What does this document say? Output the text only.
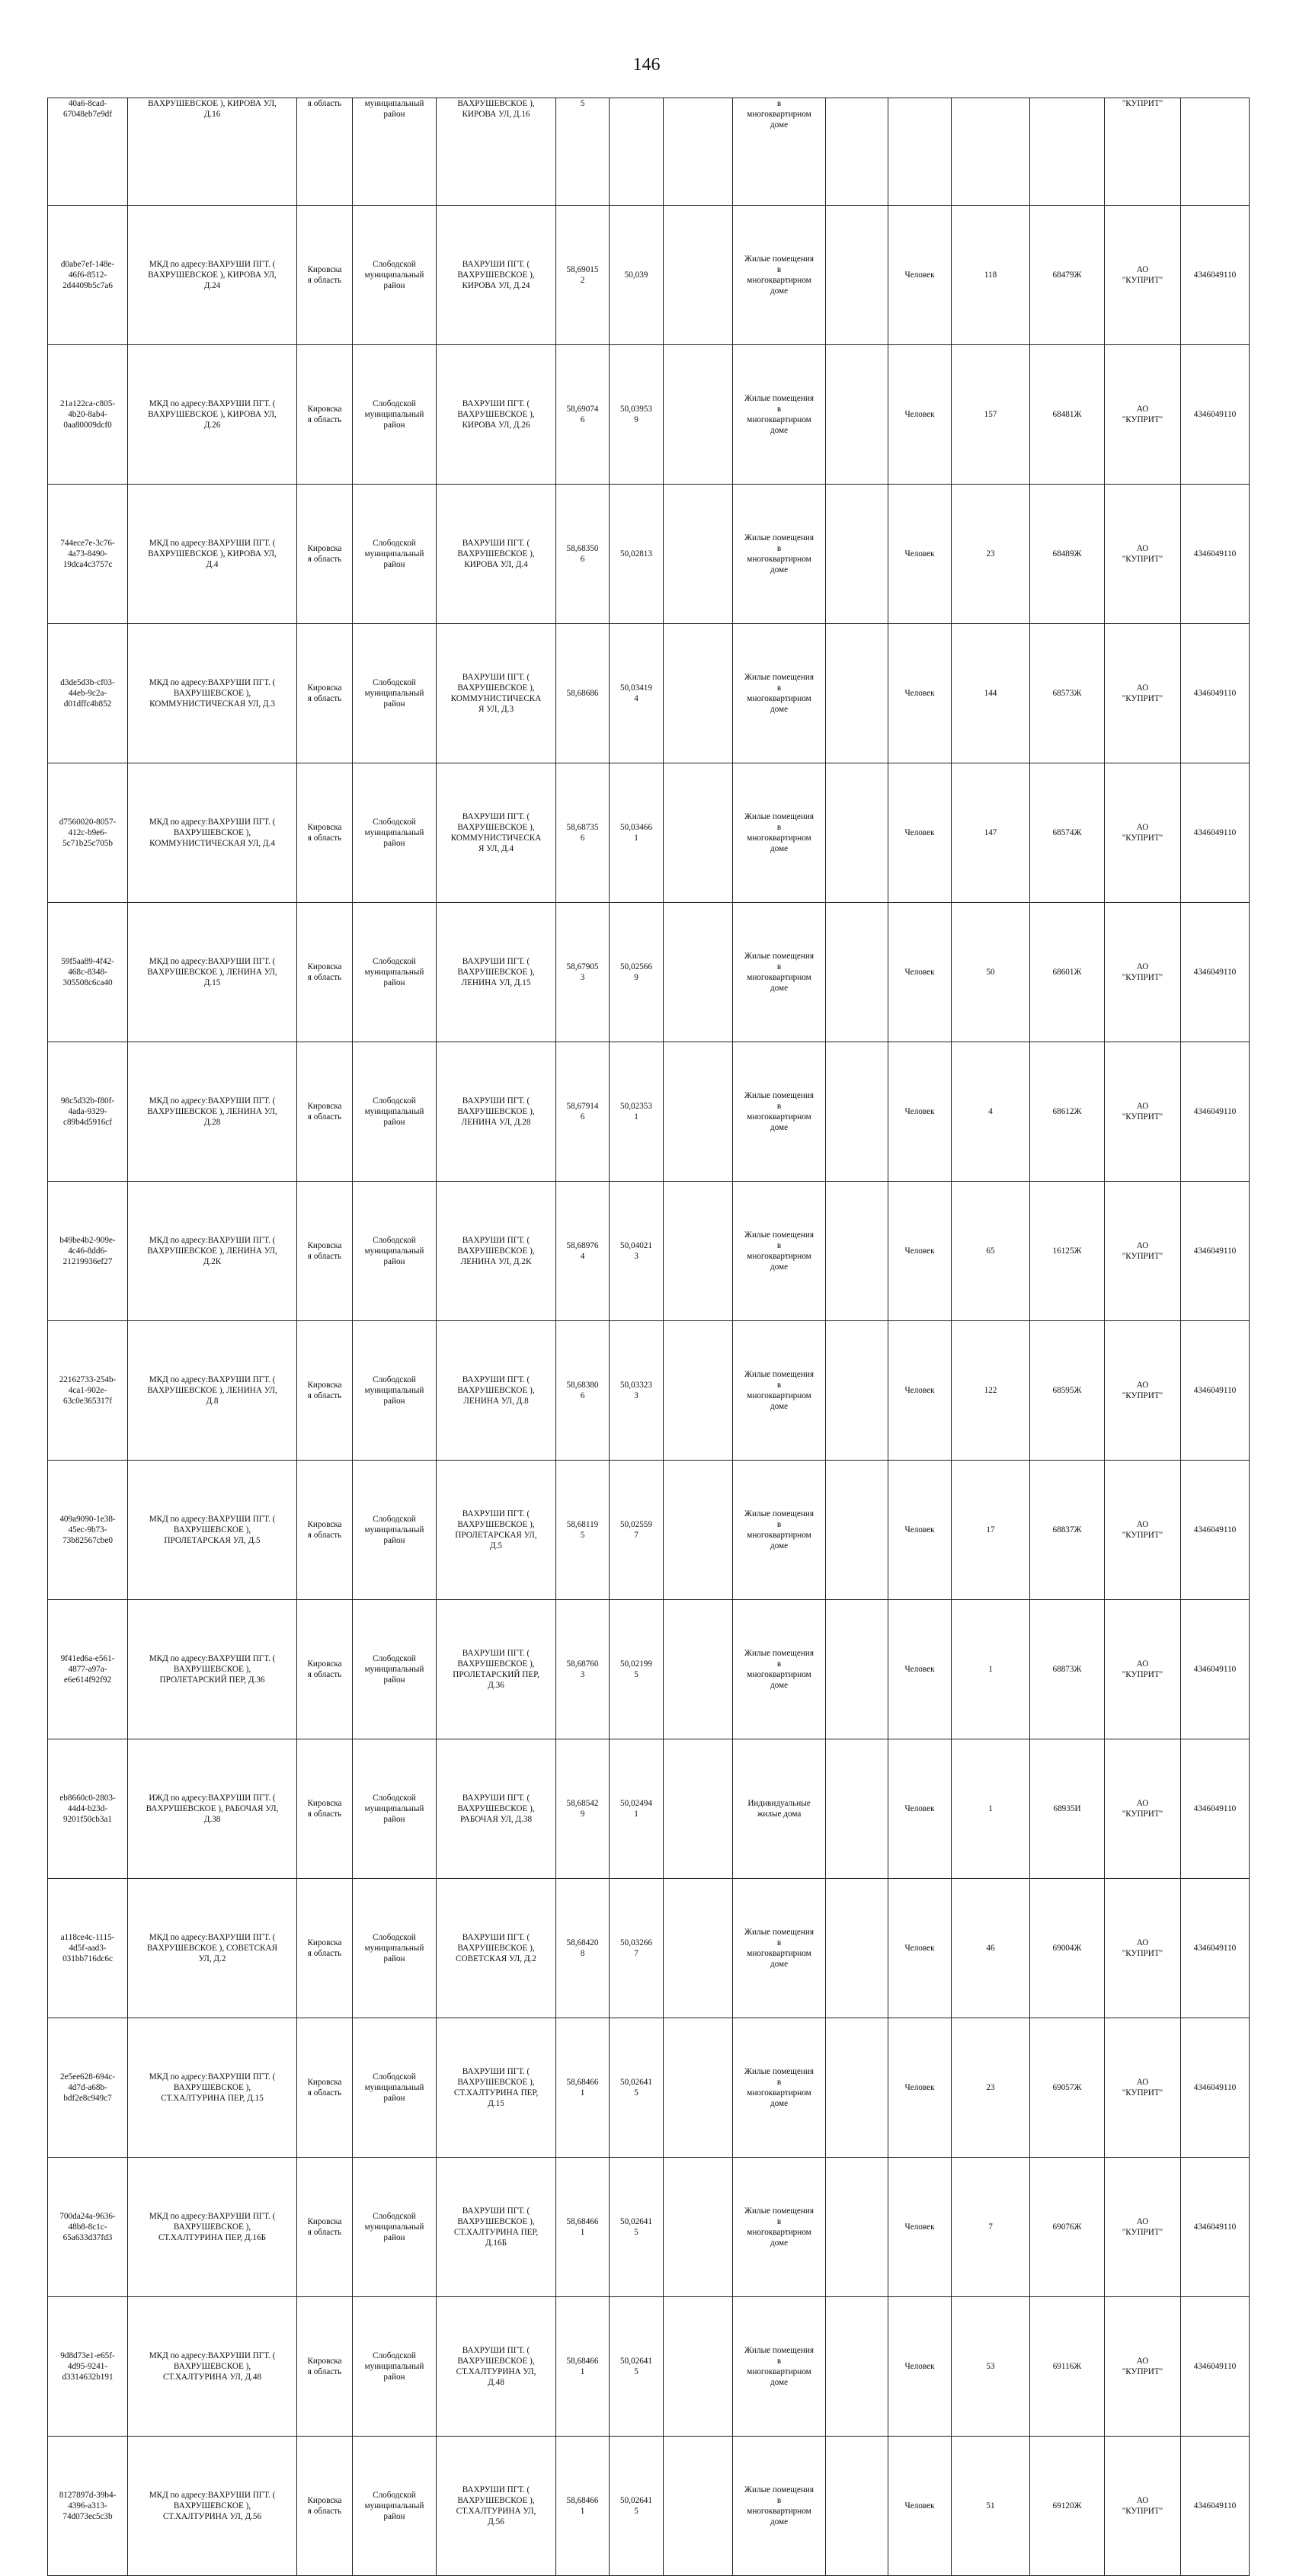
146
40a6-8cad-
67048eb7e9df	ВАХРУШЕВСКОЕ ), КИРОВА УЛ,
Д.16	я область	муниципальный
район	ВАХРУШЕВСКОЕ ),
КИРОВА УЛ, Д.16	5			в
многоквартирном
доме					"КУПРИТ"		
d0abe7ef-148e-
46f6-8512-
2d4409b5c7a6	МКД по адресу:ВАХРУШИ ПГТ. (
ВАХРУШЕВСКОЕ ), КИРОВА УЛ,
Д.24	Кировска
я область	Слободской
муниципальный
район	ВАХРУШИ ПГТ. (
ВАХРУШЕВСКОЕ ),
КИРОВА УЛ, Д.24	58,69015
2	50,039		Жилые помещения
в
многоквартирном
доме		Человек	118	68479Ж	АО
"КУПРИТ"	4346049110	
21a122ca-c805-
4b20-8ab4-
0aa80009dcf0	МКД по адресу:ВАХРУШИ ПГТ. (
ВАХРУШЕВСКОЕ ), КИРОВА УЛ,
Д.26	Кировска
я область	Слободской
муниципальный
район	ВАХРУШИ ПГТ. (
ВАХРУШЕВСКОЕ ),
КИРОВА УЛ, Д.26	58,69074
6	50,03953
9		Жилые помещения
в
многоквартирном
доме		Человек	157	68481Ж	АО
"КУПРИТ"	4346049110	
744ece7e-3c76-
4a73-8490-
19dca4c3757c	МКД по адресу:ВАХРУШИ ПГТ. (
ВАХРУШЕВСКОЕ ), КИРОВА УЛ,
Д.4	Кировска
я область	Слободской
муниципальный
район	ВАХРУШИ ПГТ. (
ВАХРУШЕВСКОЕ ),
КИРОВА УЛ, Д.4	58,68350
6	50,02813		Жилые помещения
в
многоквартирном
доме		Человек	23	68489Ж	АО
"КУПРИТ"	4346049110	
d3de5d3b-cf03-
44eb-9c2a-
d01dffc4b852	МКД по адресу:ВАХРУШИ ПГТ. (
ВАХРУШЕВСКОЕ ),
КОММУНИСТИЧЕСКАЯ УЛ, Д.3	Кировска
я область	Слободской
муниципальный
район	ВАХРУШИ ПГТ. (
ВАХРУШЕВСКОЕ ),
КОММУНИСТИЧЕСКА
Я УЛ, Д.3	58,68686	50,03419
4		Жилые помещения
в
многоквартирном
доме		Человек	144	68573Ж	АО
"КУПРИТ"	4346049110	
d7560020-8057-
412c-b9e6-
5c71b25c705b	МКД по адресу:ВАХРУШИ ПГТ. (
ВАХРУШЕВСКОЕ ),
КОММУНИСТИЧЕСКАЯ УЛ, Д.4	Кировска
я область	Слободской
муниципальный
район	ВАХРУШИ ПГТ. (
ВАХРУШЕВСКОЕ ),
КОММУНИСТИЧЕСКА
Я УЛ, Д.4	58,68735
6	50,03466
1		Жилые помещения
в
многоквартирном
доме		Человек	147	68574Ж	АО
"КУПРИТ"	4346049110	
59f5aa89-4f42-
468c-8348-
305508c6ca40	МКД по адресу:ВАХРУШИ ПГТ. (
ВАХРУШЕВСКОЕ ), ЛЕНИНА УЛ,
Д.15	Кировска
я область	Слободской
муниципальный
район	ВАХРУШИ ПГТ. (
ВАХРУШЕВСКОЕ ),
ЛЕНИНА УЛ, Д.15	58,67905
3	50,02566
9		Жилые помещения
в
многоквартирном
доме		Человек	50	68601Ж	АО
"КУПРИТ"	4346049110	
98c5d32b-f80f-
4ada-9329-
c89b4d5916cf	МКД по адресу:ВАХРУШИ ПГТ. (
ВАХРУШЕВСКОЕ ), ЛЕНИНА УЛ,
Д.28	Кировска
я область	Слободской
муниципальный
район	ВАХРУШИ ПГТ. (
ВАХРУШЕВСКОЕ ),
ЛЕНИНА УЛ, Д.28	58,67914
6	50,02353
1		Жилые помещения
в
многоквартирном
доме		Человек	4	68612Ж	АО
"КУПРИТ"	4346049110	
b49be4b2-909e-
4c46-8dd6-
21219936ef27	МКД по адресу:ВАХРУШИ ПГТ. (
ВАХРУШЕВСКОЕ ), ЛЕНИНА УЛ,
Д.2К	Кировска
я область	Слободской
муниципальный
район	ВАХРУШИ ПГТ. (
ВАХРУШЕВСКОЕ ),
ЛЕНИНА УЛ, Д.2К	58,68976
4	50,04021
3		Жилые помещения
в
многоквартирном
доме		Человек	65	16125Ж	АО
"КУПРИТ"	4346049110	
22162733-254b-
4ca1-902e-
63c0e365317f	МКД по адресу:ВАХРУШИ ПГТ. (
ВАХРУШЕВСКОЕ ), ЛЕНИНА УЛ,
Д.8	Кировска
я область	Слободской
муниципальный
район	ВАХРУШИ ПГТ. (
ВАХРУШЕВСКОЕ ),
ЛЕНИНА УЛ, Д.8	58,68380
6	50,03323
3		Жилые помещения
в
многоквартирном
доме		Человек	122	68595Ж	АО
"КУПРИТ"	4346049110	
409a9090-1e38-
45ec-9b73-
73b82567cbe0	МКД по адресу:ВАХРУШИ ПГТ. (
ВАХРУШЕВСКОЕ ),
ПРОЛЕТАРСКАЯ УЛ, Д.5	Кировска
я область	Слободской
муниципальный
район	ВАХРУШИ ПГТ. (
ВАХРУШЕВСКОЕ ),
ПРОЛЕТАРСКАЯ УЛ,
Д.5	58,68119
5	50,02559
7		Жилые помещения
в
многоквартирном
доме		Человек	17	68837Ж	АО
"КУПРИТ"	4346049110	
9f41ed6a-e561-
4877-a97a-
e6e614f92f92	МКД по адресу:ВАХРУШИ ПГТ. (
ВАХРУШЕВСКОЕ ),
ПРОЛЕТАРСКИЙ ПЕР, Д.36	Кировска
я область	Слободской
муниципальный
район	ВАХРУШИ ПГТ. (
ВАХРУШЕВСКОЕ ),
ПРОЛЕТАРСКИЙ ПЕР,
Д.36	58,68760
3	50,02199
5		Жилые помещения
в
многоквартирном
доме		Человек	1	68873Ж	АО
"КУПРИТ"	4346049110	
eb8660c0-2803-
44d4-b23d-
9201f50cb3a1	ИЖД по адресу:ВАХРУШИ ПГТ. (
ВАХРУШЕВСКОЕ ), РАБОЧАЯ УЛ,
Д.38	Кировска
я область	Слободской
муниципальный
район	ВАХРУШИ ПГТ. (
ВАХРУШЕВСКОЕ ),
РАБОЧАЯ УЛ, Д.38	58,68542
9	50,02494
1		Индивидуальные
жилые дома		Человек	1	68935И	АО
"КУПРИТ"	4346049110	
a118ce4c-1115-
4d5f-aad3-
031bb716dc6c	МКД по адресу:ВАХРУШИ ПГТ. (
ВАХРУШЕВСКОЕ ), СОВЕТСКАЯ
УЛ, Д.2	Кировска
я область	Слободской
муниципальный
район	ВАХРУШИ ПГТ. (
ВАХРУШЕВСКОЕ ),
СОВЕТСКАЯ УЛ, Д.2	58,68420
8	50,03266
7		Жилые помещения
в
многоквартирном
доме		Человек	46	69004Ж	АО
"КУПРИТ"	4346049110	
2e5ee628-694c-
4d7d-a68b-
bdf2e8c949c7	МКД по адресу:ВАХРУШИ ПГТ. (
ВАХРУШЕВСКОЕ ),
СТ.ХАЛТУРИНА ПЕР, Д.15	Кировска
я область	Слободской
муниципальный
район	ВАХРУШИ ПГТ. (
ВАХРУШЕВСКОЕ ),
СТ.ХАЛТУРИНА ПЕР,
Д.15	58,68466
1	50,02641
5		Жилые помещения
в
многоквартирном
доме		Человек	23	69057Ж	АО
"КУПРИТ"	4346049110	
700da24a-9636-
48b8-8c1c-
65a633d37fd3	МКД по адресу:ВАХРУШИ ПГТ. (
ВАХРУШЕВСКОЕ ),
СТ.ХАЛТУРИНА ПЕР, Д.16Б	Кировска
я область	Слободской
муниципальный
район	ВАХРУШИ ПГТ. (
ВАХРУШЕВСКОЕ ),
СТ.ХАЛТУРИНА ПЕР,
Д.16Б	58,68466
1	50,02641
5		Жилые помещения
в
многоквартирном
доме		Человек	7	69076Ж	АО
"КУПРИТ"	4346049110	
9d8d73e1-e65f-
4d95-9241-
d3314632b191	МКД по адресу:ВАХРУШИ ПГТ. (
ВАХРУШЕВСКОЕ ),
СТ.ХАЛТУРИНА УЛ, Д.48	Кировска
я область	Слободской
муниципальный
район	ВАХРУШИ ПГТ. (
ВАХРУШЕВСКОЕ ),
СТ.ХАЛТУРИНА УЛ,
Д.48	58,68466
1	50,02641
5		Жилые помещения
в
многоквартирном
доме		Человек	53	69116Ж	АО
"КУПРИТ"	4346049110	
8127897d-39b4-
4396-a313-
74d073ec5c3b	МКД по адресу:ВАХРУШИ ПГТ. (
ВАХРУШЕВСКОЕ ),
СТ.ХАЛТУРИНА УЛ, Д.56	Кировска
я область	Слободской
муниципальный
район	ВАХРУШИ ПГТ. (
ВАХРУШЕВСКОЕ ),
СТ.ХАЛТУРИНА УЛ,
Д.56	58,68466
1	50,02641
5		Жилые помещения
в
многоквартирном
доме		Человек	51	69120Ж	АО
"КУПРИТ"	4346049110	
